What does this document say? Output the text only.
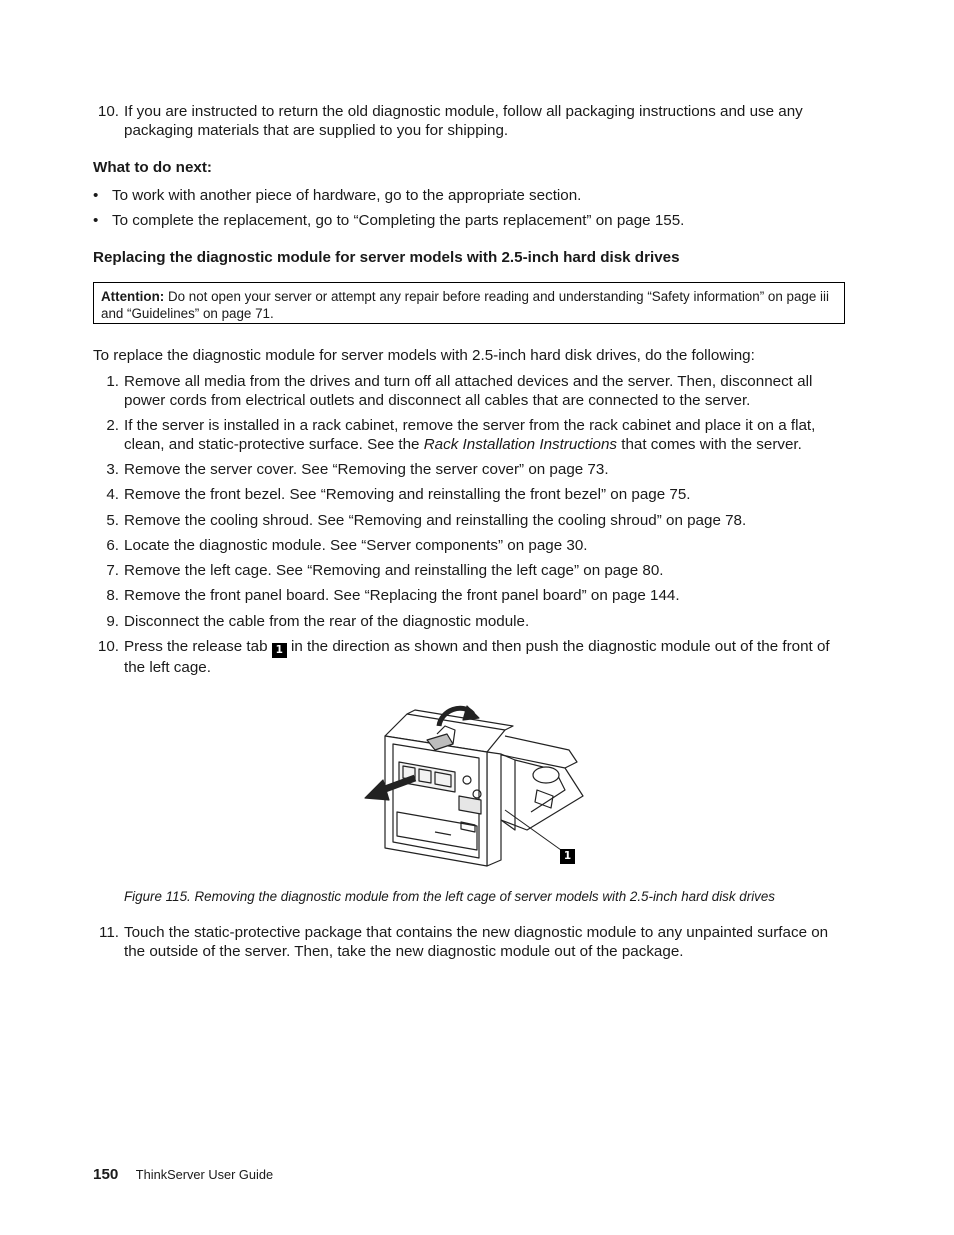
10. If you are instructed to return the old diagnostic module, follow all packaging instructions and use any packaging materials that are supplied to you for shipping.
What to do next:
• To work with another piece of hardware, go to the appropriate section.
• To complete the replacement, go to “Completing the parts replacement” on page 155.
Replacing the diagnostic module for server models with 2.5-inch hard disk drives
Attention: Do not open your server or attempt any repair before reading and understanding “Safety information” on page iii and “Guidelines” on page 71.
To replace the diagnostic module for server models with 2.5-inch hard disk drives, do the following:
1. Remove all media from the drives and turn off all attached devices and the server. Then, disconnect all power cords from electrical outlets and disconnect all cables that are connected to the server.
2. If the server is installed in a rack cabinet, remove the server from the rack cabinet and place it on a flat, clean, and static-protective surface. See the Rack Installation Instructions that comes with the server.
3. Remove the server cover. See “Removing the server cover” on page 73.
4. Remove the front bezel. See “Removing and reinstalling the front bezel” on page 75.
5. Remove the cooling shroud. See “Removing and reinstalling the cooling shroud” on page 78.
6. Locate the diagnostic module. See “Server components” on page 30.
7. Remove the left cage. See “Removing and reinstalling the left cage” on page 80.
8. Remove the front panel board. See “Replacing the front panel board” on page 144.
9. Disconnect the cable from the rear of the diagnostic module.
10. Press the release tab 1 in the direction as shown and then push the diagnostic module out of the front of the left cage.
1
Figure 115. Removing the diagnostic module from the left cage of server models with 2.5-inch hard disk drives
11. Touch the static-protective package that contains the new diagnostic module to any unpainted surface on the outside of the server. Then, take the new diagnostic module out of the package.
150 ThinkServer User Guide
